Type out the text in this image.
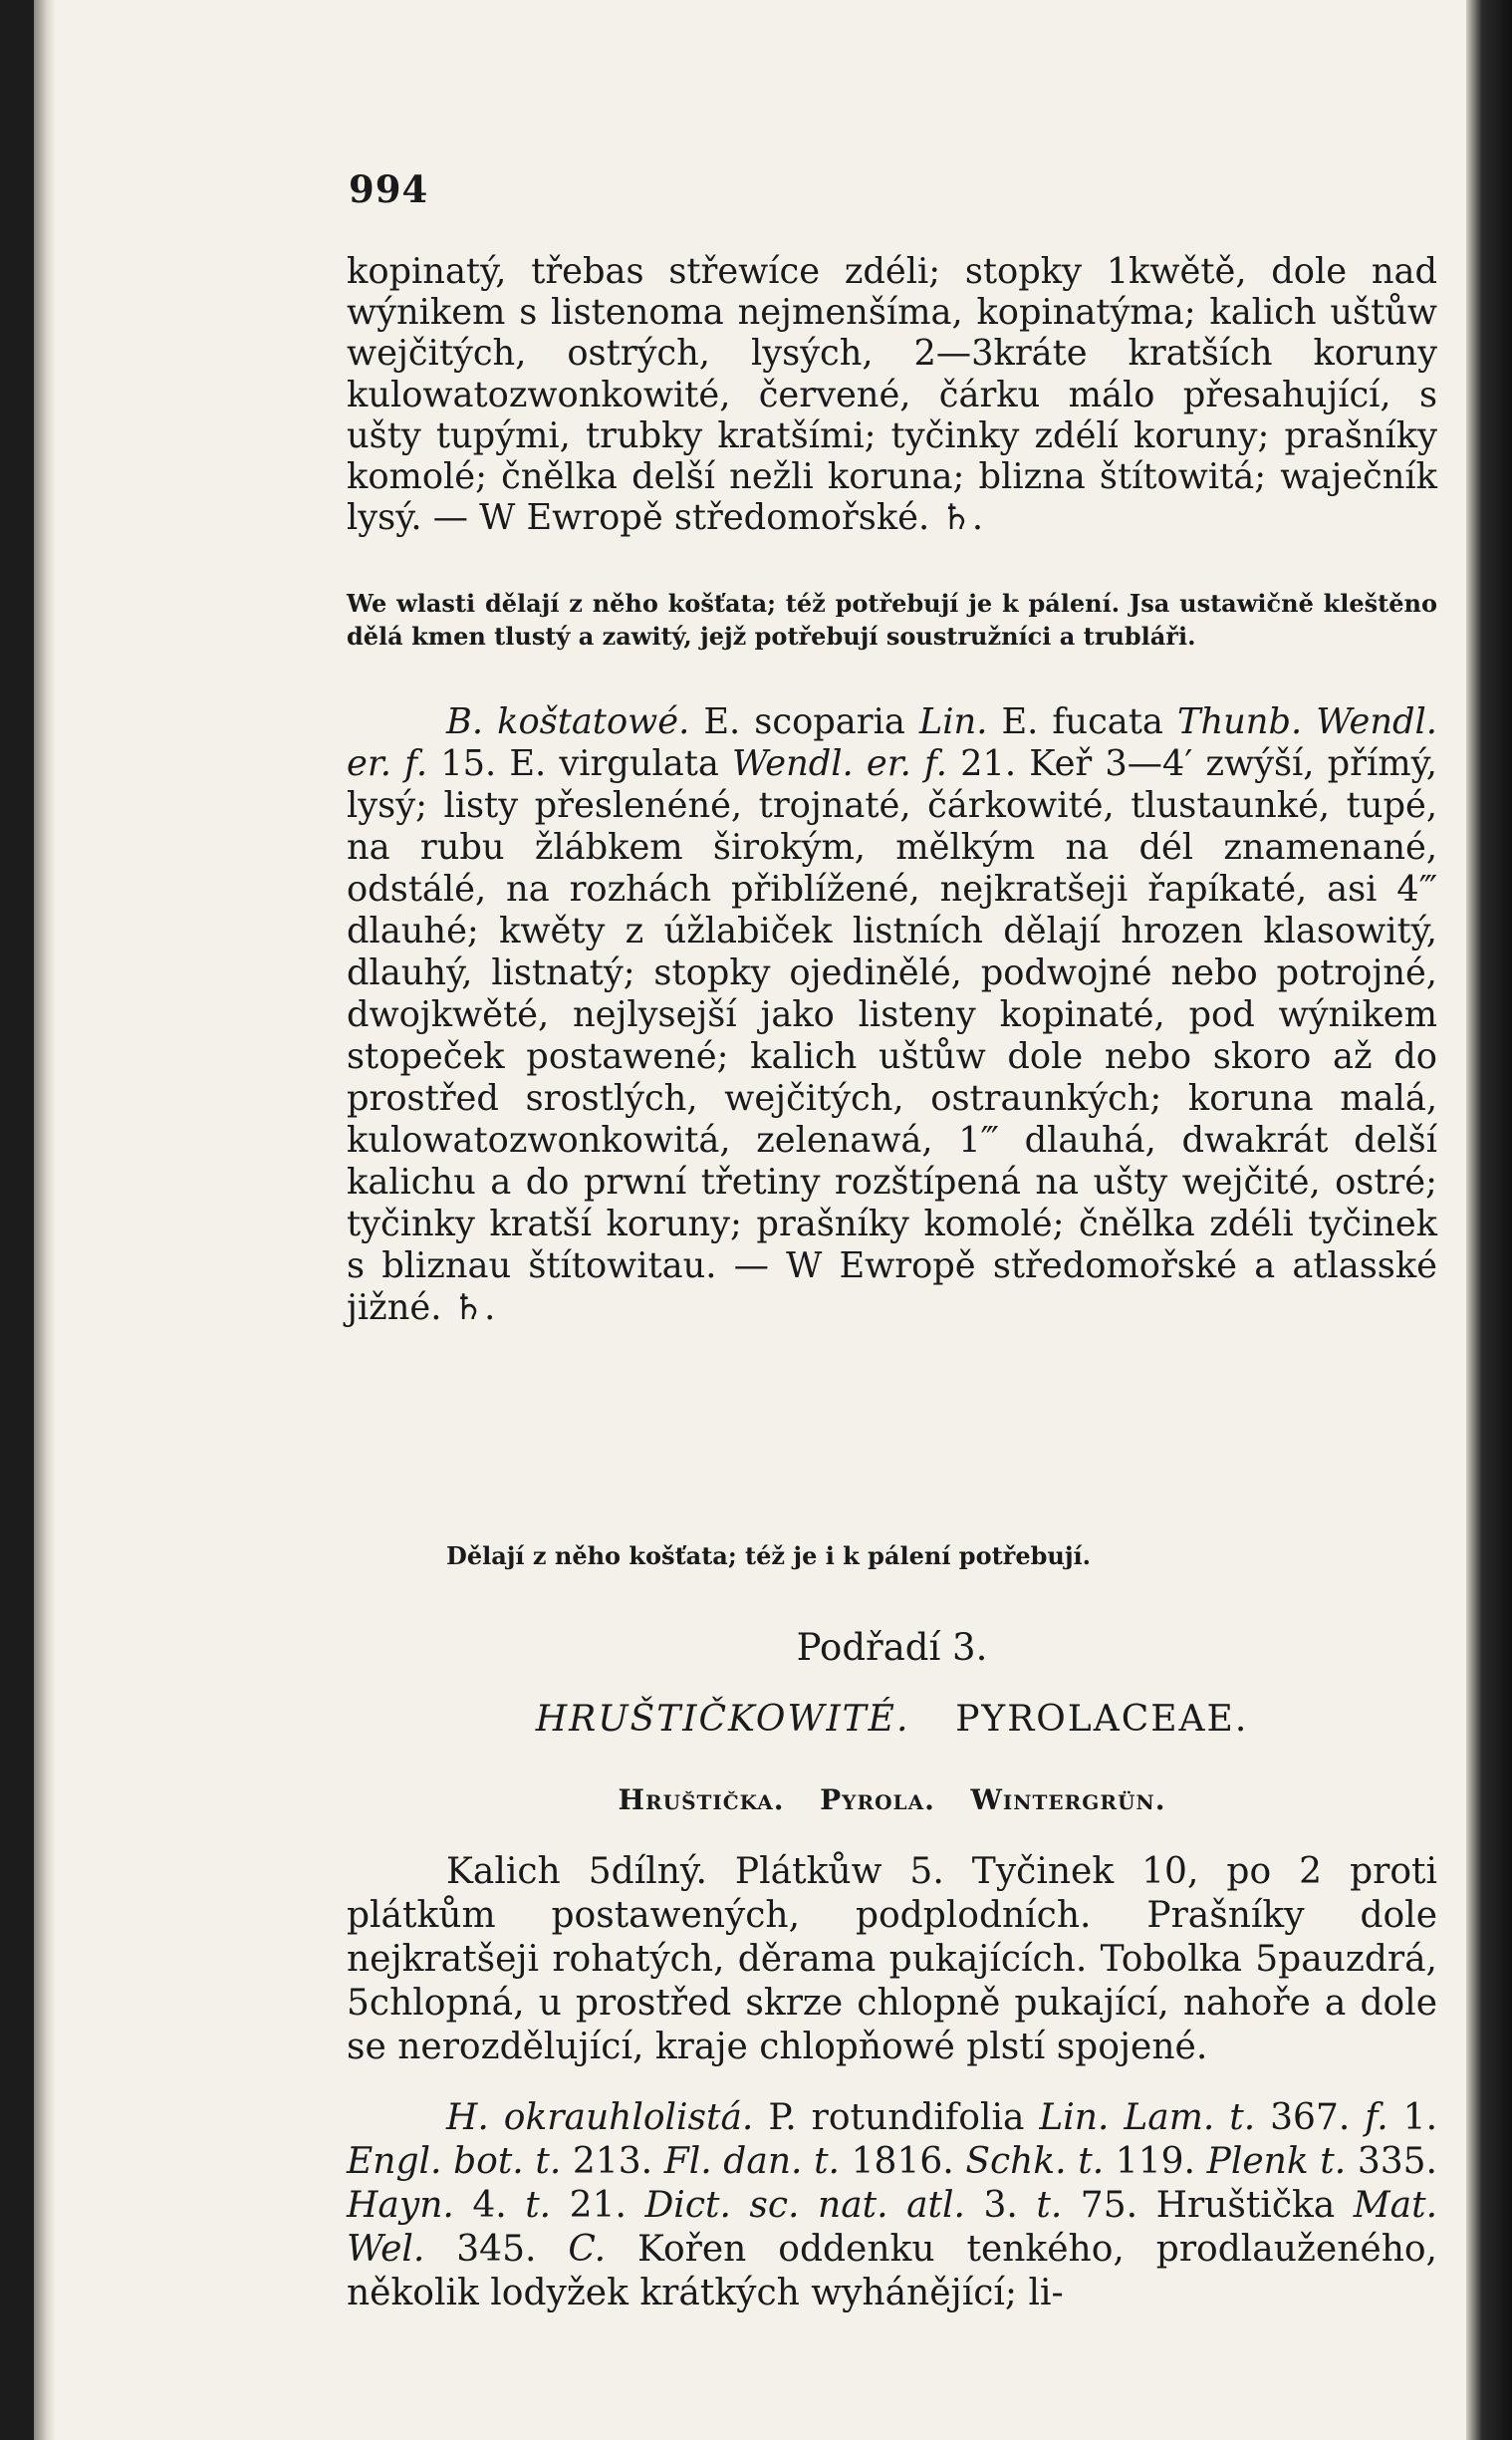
994

kopinatý, třebas střewíce zdéli; stopky 1kwětě, dole nad wýnikem s listenoma nejmenšíma, kopinatýma; kalich uštůw wejčitých, ostrých, lysých, 2—3kráte kratších koruny kulowatozwonkowité, červené, čárku málo přesahující, s ušty tupými, trubky kratšími; tyčinky zdélí koruny; prašníky komolé; čnělka delší nežli koruna; blizna štítowitá; waječník lysý. — W Ewropě středomořské. ♄.

We wlasti dělají z něho košťata; též potřebují je k pálení. Jsa ustawičně kleštěno dělá kmen tlustý a zawitý, jejž potřebují soustružníci a trubláři.

B. koštatowé. E. scoparia Lin. E. fucata Thunb. Wendl. er. f. 15. E. virgulata Wendl. er. f. 21. Keř 3—4′ zwýší, přímý, lysý; listy přeslenéné, trojnaté, čárkowité, tlustaunké, tupé, na rubu žlábkem širokým, mělkým na dél znamenané, odstálé, na rozhách přiblížené, nejkratšeji řapíkaté, asi 4‴ dlauhé; kwěty z úžlabiček listních dělají hrozen klasowitý, dlauhý, listnatý; stopky ojedinělé, podwojné nebo potrojné, dwojkwěté, nejlysejší jako listeny kopinaté, pod wýnikem stopeček postawené; kalich uštůw dole nebo skoro až do prostřed srostlých, wejčitých, ostraunkých; koruna malá, kulowatozwonkowitá, zelenawá, 1‴ dlauhá, dwakrát delší kalichu a do prwní třetiny rozštípená na ušty wejčité, ostré; tyčinky kratší koruny; prašníky komolé; čnělka zdéli tyčinek s bliznau štítowitau. — W Ewropě středomořské a atlasské jižné. ♄.

Dělají z něho košťata; též je i k pálení potřebují.

Podřadí 3.
HRUŠTIČKOWITÉ. PYROLACEAE.
Hruštička. Pyrola. Wintergrün.

Kalich 5dílný. Plátkůw 5. Tyčinek 10, po 2 proti plátkům postawených, podplodních. Prašníky dole nejkratšeji rohatých, děrama pukajících. Tobolka 5pauzdrá, 5chlopná, u prostřed skrze chlopně pukající, nahoře a dole se nerozdělující, kraje chlopňowé plstí spojené.

H. okrauhlolistá. P. rotundifolia Lin. Lam. t. 367. f. 1. Engl. bot. t. 213. Fl. dan. t. 1816. Schk. t. 119. Plenk t. 335. Hayn. 4. t. 21. Dict. sc. nat. atl. 3. t. 75. Hruštička Mat. Wel. 345. C. Kořen oddenku tenkého, prodlauženého, několik lodyžek krátkých wyhánějící; li-
